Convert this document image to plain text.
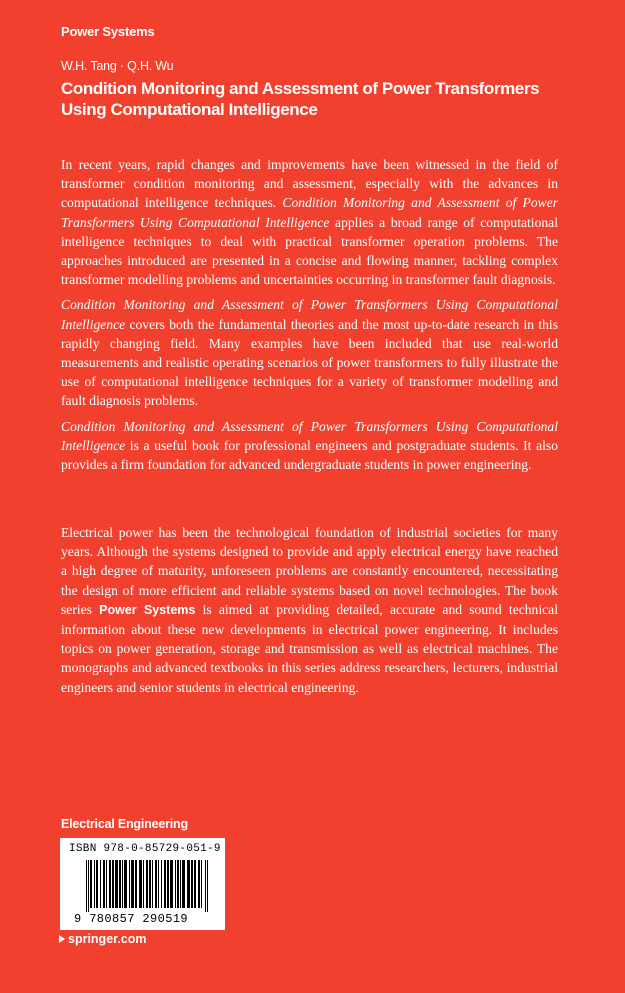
Power Systems
W.H. Tang · Q.H. Wu
Condition Monitoring and Assessment of Power Transformers Using Computational Intelligence

In recent years, rapid changes and improvements have been witnessed in the field of transformer condition monitoring and assessment, especially with the advances in computational intelligence techniques. Condition Monitoring and Assessment of Power Transformers Using Computational Intelligence applies a broad range of computational intelligence techniques to deal with practical transformer operation problems. The approaches introduced are presented in a concise and flowing manner, tackling complex transformer modelling problems and uncertainties occurring in transformer fault diagnosis.

Condition Monitoring and Assessment of Power Transformers Using Computational Intelligence covers both the fundamental theories and the most up-to-date research in this rapidly changing field. Many examples have been included that use real-world measurements and realistic operating scenarios of power transformers to fully illustrate the use of computational intelligence techniques for a variety of transformer modelling and fault diagnosis problems.

Condition Monitoring and Assessment of Power Transformers Using Computational Intelligence is a useful book for professional engineers and postgraduate students. It also provides a firm foundation for advanced undergraduate students in power engineering.

Electrical power has been the technological foundation of industrial societies for many years. Although the systems designed to provide and apply electrical energy have reached a high degree of maturity, unforeseen problems are constantly encountered, necessitating the design of more efficient and reliable systems based on novel technologies. The book series Power Systems is aimed at providing detailed, accurate and sound technical information about these new developments in electrical power engineering. It includes topics on power generation, storage and transmission as well as electrical machines. The monographs and advanced textbooks in this series address researchers, lecturers, industrial engineers and senior students in electrical engineering.

Electrical Engineering
ISBN 978-0-85729-051-9
9 780857 290519
springer.com
